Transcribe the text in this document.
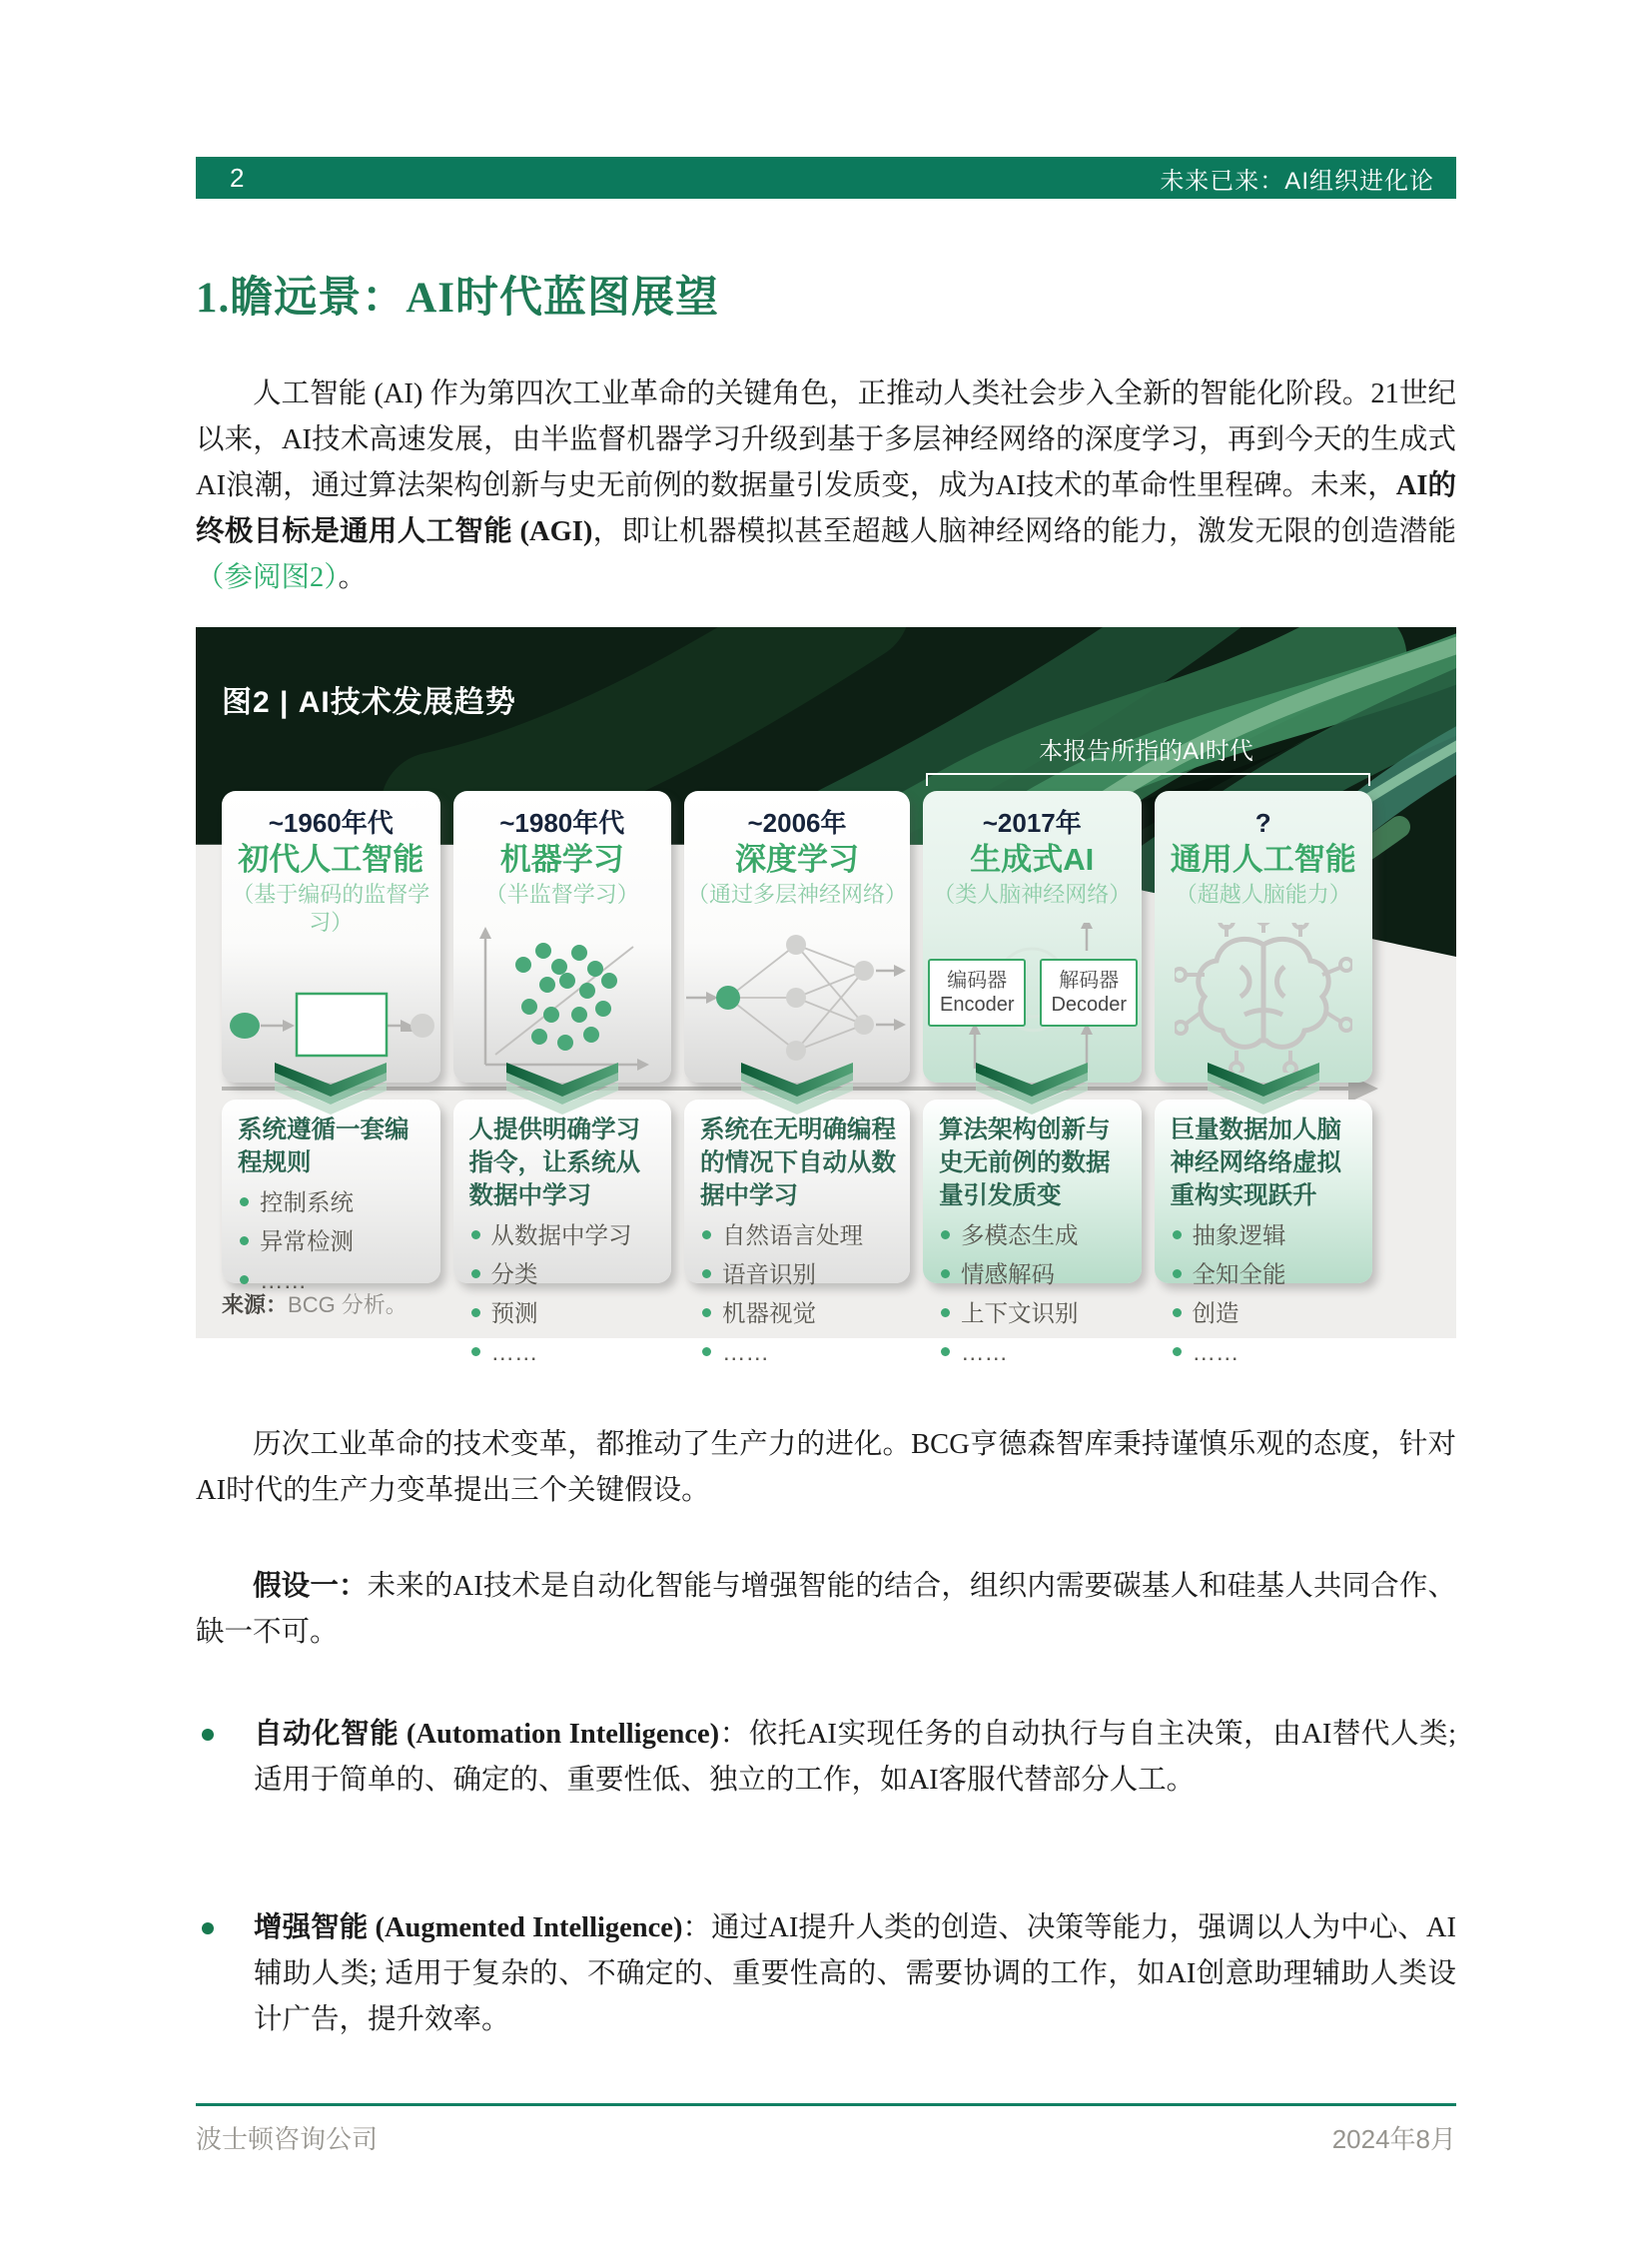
2	未来已来：AI组织进化论
1.瞻远景：AI时代蓝图展望
人工智能 (AI) 作为第四次工业革命的关键角色，正推动人类社会步入全新的智能化阶段。21世纪以来，AI技术高速发展，由半监督机器学习升级到基于多层神经网络的深度学习，再到今天的生成式AI浪潮，通过算法架构创新与史无前例的数据量引发质变，成为AI技术的革命性里程碑。未来，AI的终极目标是通用人工智能 (AGI)，即让机器模拟甚至超越人脑神经网络的能力，激发无限的创造潜能（参阅图2）。
图2 | AI技术发展趋势
本报告所指的AI时代
~1960年代
初代人工智能
（基于编码的监督学习）

系统遵循一套编程规则

控制系统
异常检测
……
~1980年代
机器学习
（半监督学习）

人提供明确学习指令，让系统从数据中学习

从数据中学习
分类
预测
……
~2006年
深度学习
（通过多层神经网络）

系统在无明确编程的情况下自动从数据中学习

自然语言处理
语音识别
机器视觉
……
~2017年
生成式AI
（类人脑神经网络）
编码器
Encoder
解码器
Decoder

算法架构创新与史无前例的数据量引发质变

多模态生成
情感解码
上下文识别
……
?
通用人工智能
（超越人脑能力）

巨量数据加人脑神经网络络虚拟重构实现跃升

抽象逻辑
全知全能
创造
……
来源：BCG 分析。
历次工业革命的技术变革，都推动了生产力的进化。BCG亨德森智库秉持谨慎乐观的态度，针对AI时代的生产力变革提出三个关键假设。
假设一：未来的AI技术是自动化智能与增强智能的结合，组织内需要碳基人和硅基人共同合作、缺一不可。
自动化智能 (Automation Intelligence)：依托AI实现任务的自动执行与自主决策，由AI替代人类; 适用于简单的、确定的、重要性低、独立的工作，如AI客服代替部分人工。
增强智能 (Augmented Intelligence)：通过AI提升人类的创造、决策等能力，强调以人为中心、AI辅助人类; 适用于复杂的、不确定的、重要性高的、需要协调的工作，如AI创意助理辅助人类设计广告，提升效率。
波士顿咨询公司	2024年8月
